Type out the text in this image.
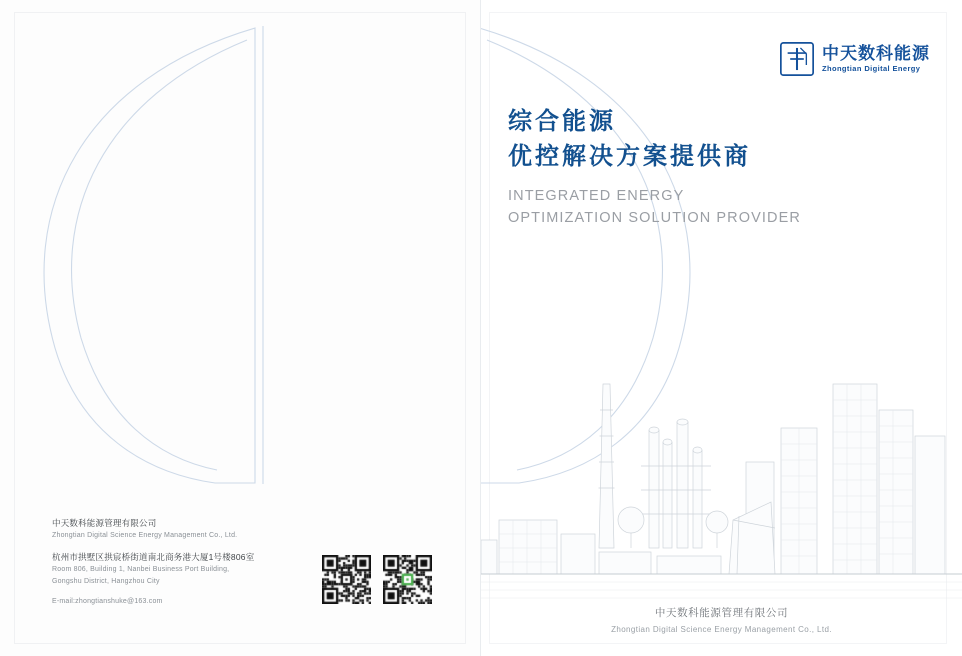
中天数科能源管理有限公司
Zhongtian Digital Science Energy Management Co., Ltd.
杭州市拱墅区拱宸桥街道南北商务港大厦1号楼806室
Room 806, Building 1, Nanbei Business Port Building,
Gongshu District, Hangzhou City
E-mail:zhongtianshuke@163.com
中天数科能源
Zhongtian Digital Energy
综合能源
优控解决方案提供商
INTEGRATED ENERGY
OPTIMIZATION SOLUTION PROVIDER
中天数科能源管理有限公司
Zhongtian Digital Science Energy Management Co., Ltd.
